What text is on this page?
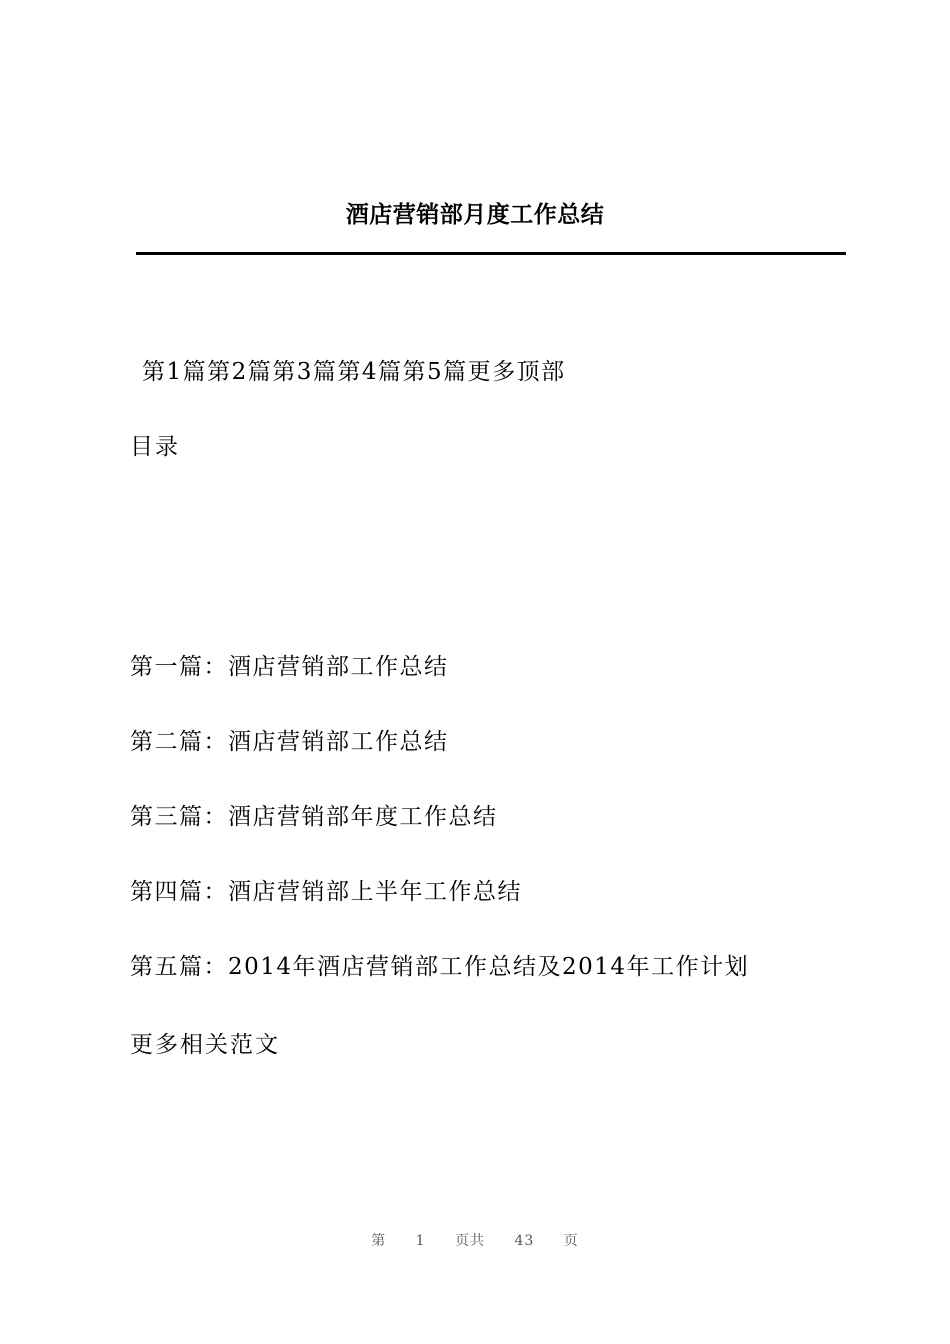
酒店营销部月度工作总结
第1篇第2篇第3篇第4篇第5篇更多顶部
目录
第一篇：酒店营销部工作总结
第二篇：酒店营销部工作总结
第三篇：酒店营销部年度工作总结
第四篇：酒店营销部上半年工作总结
第五篇：2014年酒店营销部工作总结及2014年工作计划
更多相关范文
第 1 页共 43 页
